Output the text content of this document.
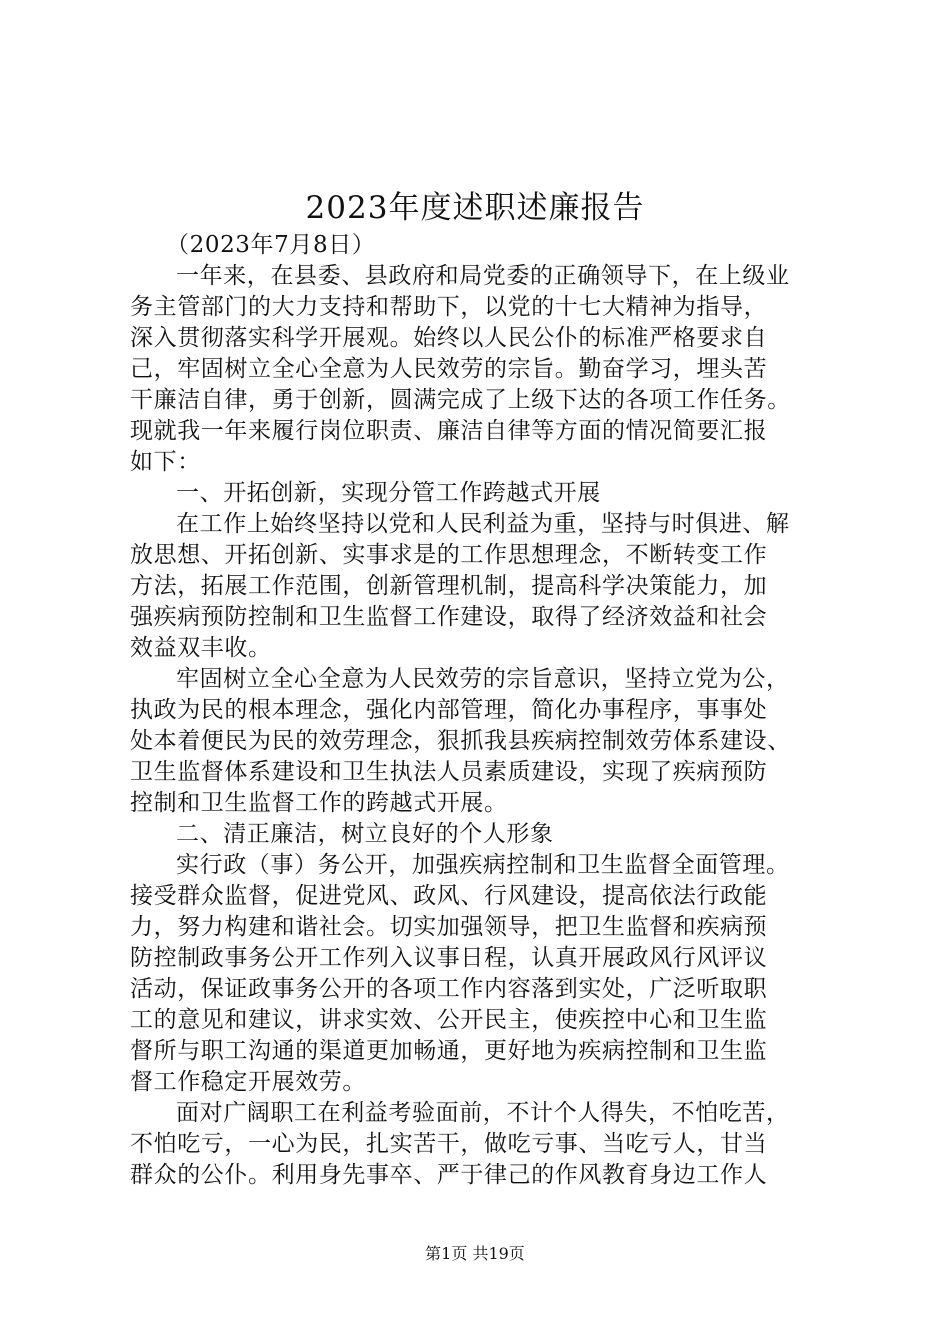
2023年度述职述廉报告
（2023年7月8日）
一年来，在县委、县政府和局党委的正确领导下，在上级业
务主管部门的大力支持和帮助下，以党的十七大精神为指导，
深入贯彻落实科学开展观。始终以人民公仆的标准严格要求自
己，牢固树立全心全意为人民效劳的宗旨。勤奋学习，埋头苦
干廉洁自律，勇于创新，圆满完成了上级下达的各项工作任务。
现就我一年来履行岗位职责、廉洁自律等方面的情况简要汇报
如下：
一、开拓创新，实现分管工作跨越式开展
在工作上始终坚持以党和人民利益为重，坚持与时俱进、解
放思想、开拓创新、实事求是的工作思想理念，不断转变工作
方法，拓展工作范围，创新管理机制，提高科学决策能力，加
强疾病预防控制和卫生监督工作建设，取得了经济效益和社会
效益双丰收。
牢固树立全心全意为人民效劳的宗旨意识，坚持立党为公，
执政为民的根本理念，强化内部管理，简化办事程序，事事处
处本着便民为民的效劳理念，狠抓我县疾病控制效劳体系建设、
卫生监督体系建设和卫生执法人员素质建设，实现了疾病预防
控制和卫生监督工作的跨越式开展。
二、清正廉洁，树立良好的个人形象
实行政（事）务公开，加强疾病控制和卫生监督全面管理。
接受群众监督，促进党风、政风、行风建设，提高依法行政能
力，努力构建和谐社会。切实加强领导，把卫生监督和疾病预
防控制政事务公开工作列入议事日程，认真开展政风行风评议
活动，保证政事务公开的各项工作内容落到实处，广泛听取职
工的意见和建议，讲求实效、公开民主，使疾控中心和卫生监
督所与职工沟通的渠道更加畅通，更好地为疾病控制和卫生监
督工作稳定开展效劳。
面对广阔职工在利益考验面前，不计个人得失，不怕吃苦，
不怕吃亏，一心为民，扎实苦干，做吃亏事、当吃亏人，甘当
群众的公仆。利用身先事卒、严于律己的作风教育身边工作人
第1页 共19页
